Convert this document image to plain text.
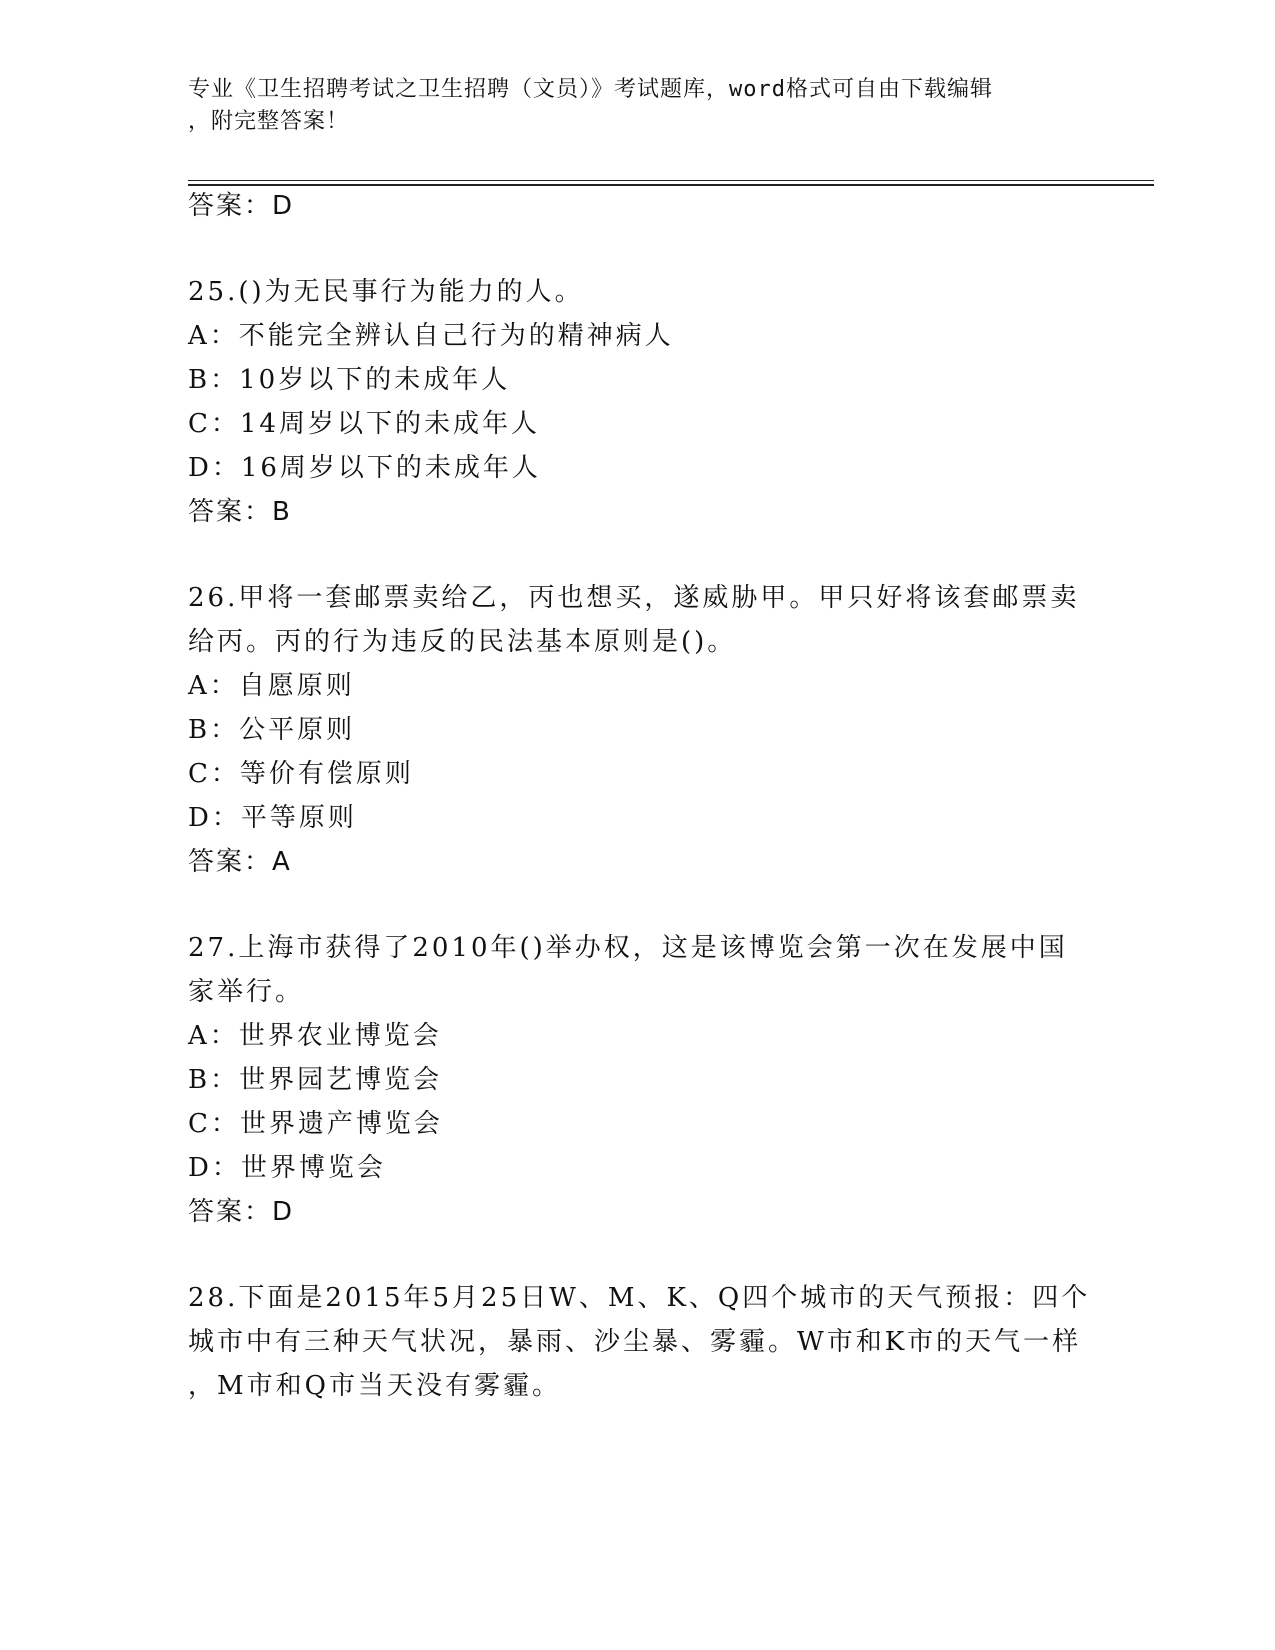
专业《卫生招聘考试之卫生招聘（文员）》考试题库，word格式可自由下载编辑
，附完整答案！
答案：D
25.()为无民事行为能力的人。
A：不能完全辨认自己行为的精神病人
B：10岁以下的未成年人
C：14周岁以下的未成年人
D：16周岁以下的未成年人
答案：B
26.甲将一套邮票卖给乙，丙也想买，遂威胁甲。甲只好将该套邮票卖
给丙。丙的行为违反的民法基本原则是()。
A：自愿原则
B：公平原则
C：等价有偿原则
D：平等原则
答案：A
27.上海市获得了2010年()举办权，这是该博览会第一次在发展中国
家举行。
A：世界农业博览会
B：世界园艺博览会
C：世界遗产博览会
D：世界博览会
答案：D
28.下面是2015年5月25日W、M、K、Q四个城市的天气预报：四个
城市中有三种天气状况，暴雨、沙尘暴、雾霾。W市和K市的天气一样
，M市和Q市当天没有雾霾。
